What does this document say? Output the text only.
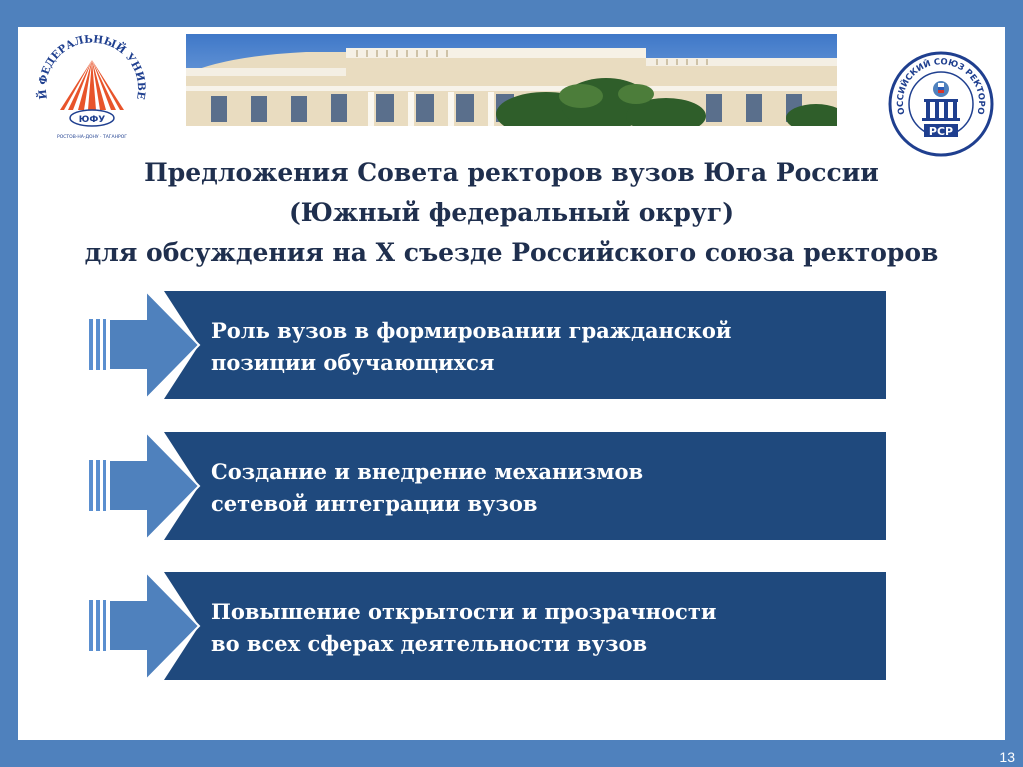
Й ФЕДЕРАЛЬНЫЙ УНИВЕ
ЮФУ
РОСТОВ-НА-ДОНУ · ТАГАНРОГ
ОССИЙСКИЙ СОЮЗ РЕКТОРО
РСР
Предложения Совета ректоров вузов Юга России
(Южный федеральный округ)
для обсуждения на X съезде Российского союза ректоров
Роль вузов в формировании гражданской
позиции обучающихся
Создание и внедрение механизмов
сетевой интеграции вузов
Повышение открытости и прозрачности
во всех сферах деятельности вузов
13
